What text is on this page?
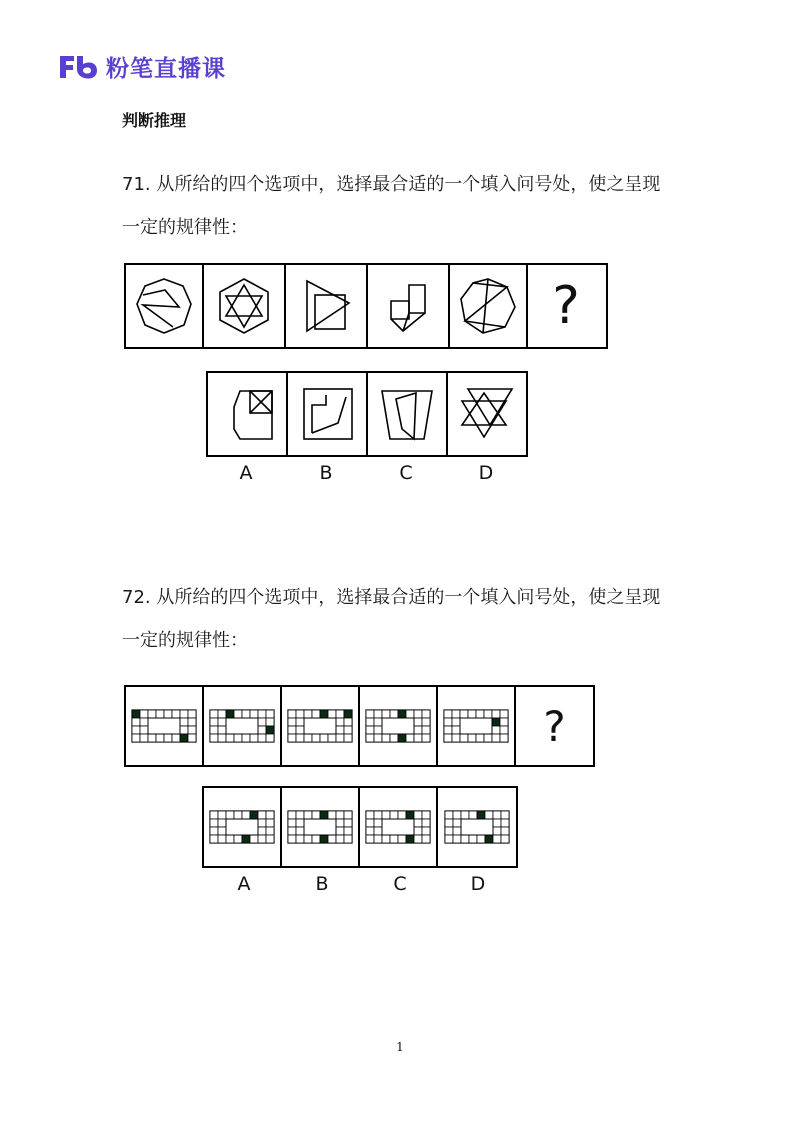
粉笔直播课
判断推理
71. 从所给的四个选项中，选择最合适的一个填入问号处，使之呈现
一定的规律性：
?
A	B	C	D
72. 从所给的四个选项中，选择最合适的一个填入问号处，使之呈现
一定的规律性：
?
A	B	C	D
1
